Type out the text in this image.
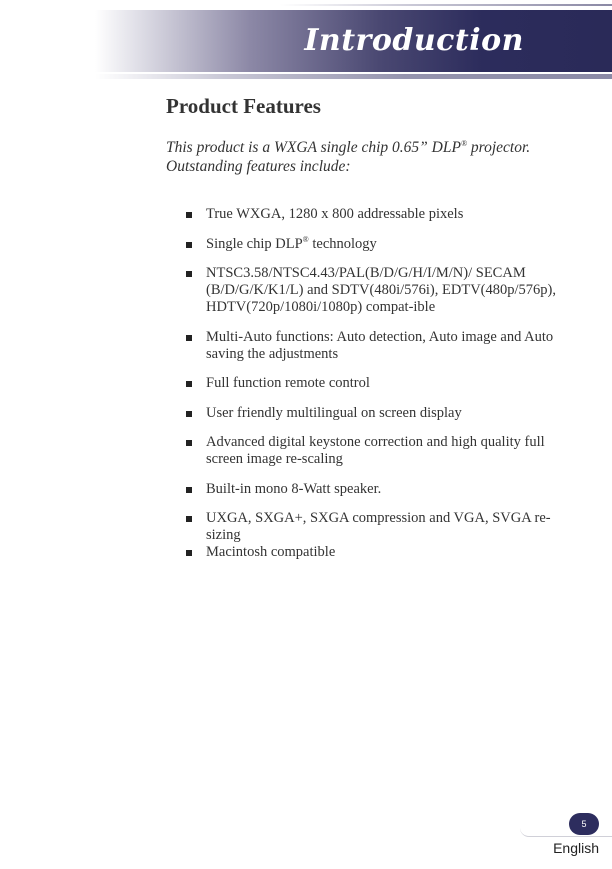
Introduction
Product Features

This product is a WXGA single chip 0.65” DLP® projector. Outstanding features include:

True WXGA, 1280 x 800 addressable pixels
Single chip DLP® technology
NTSC3.58/NTSC4.43/PAL(B/D/G/H/I/M/N)/ SECAM (B/D/G/K/K1/L) and SDTV(480i/576i), EDTV(480p/576p), HDTV(720p/1080i/1080p) compat-ible
Multi-Auto functions: Auto detection, Auto image and Auto saving the adjustments
Full function remote control
User friendly multilingual on screen display
Advanced digital keystone correction and high quality full screen image re-scaling
Built-in mono 8-Watt speaker.
UXGA, SXGA+, SXGA compression and VGA, SVGA re-sizing
Macintosh compatible
5
English
